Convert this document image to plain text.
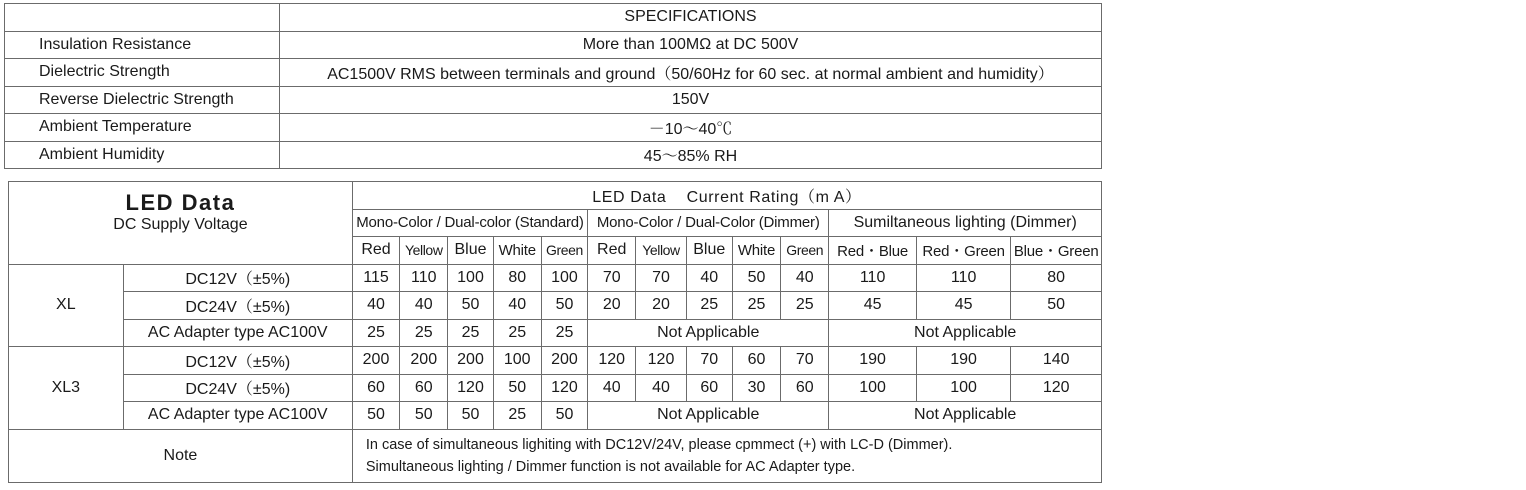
	SPECIFICATIONS
Insulation Resistance	More than 100MΩ at DC 500V
Dielectric Strength	AC1500V RMS between terminals and ground（50/60Hz for 60 sec. at normal ambient and humidity）
Reverse Dielectric Strength	150V
Ambient Temperature	－10～40℃
Ambient Humidity	45～85% RH
LED Data
DC Supply Voltage		LED Data    Current Rating（m A）												
		Mono-Color / Dual-color (Standard)					Mono-Color / Dual-Color (Dimmer)					Sumiltaneous lighting (Dimmer)		
		Red	Yellow	Blue	White	Green	Red	Yellow	Blue	White	Green	Red・Blue	Red・Green	Blue・Green
XL	DC12V（±5%)	115	110	100	80	100	70	70	40	50	40	110	110	80
	DC24V（±5%)	40	40	50	40	50	20	20	25	25	25	45	45	50
	AC Adapter type AC100V	25	25	25	25	25	Not Applicable					Not Applicable		
XL3	DC12V（±5%)	200	200	200	100	200	120	120	70	60	70	190	190	140
	DC24V（±5%)	60	60	120	50	120	40	40	60	30	60	100	100	120
	AC Adapter type AC100V	50	50	50	25	50	Not Applicable					Not Applicable		
Note		In case of simultaneous lighiting with DC12V/24V, please cpmmect (+) with LC-D (Dimmer).
Simultaneous lighting / Dimmer function is not available for AC Adapter type.												
